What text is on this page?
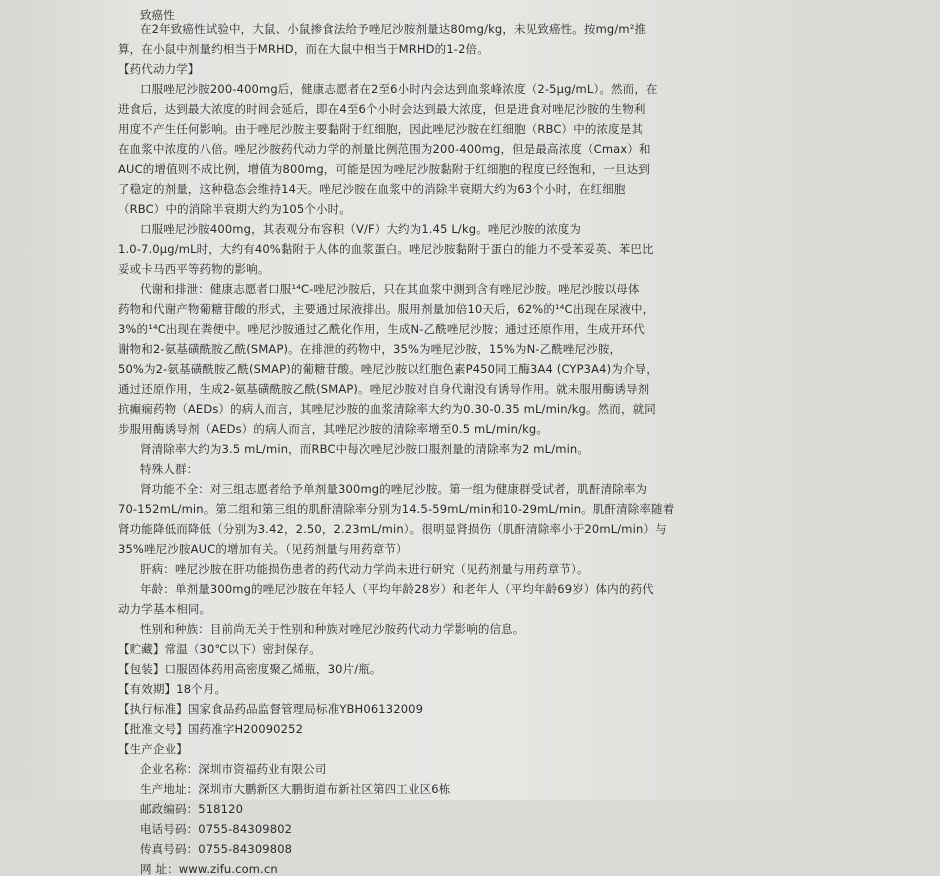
致癌性
在2年致癌性试验中，大鼠、小鼠掺食法给予唑尼沙胺剂量达80mg/kg，未见致癌性。按mg/m²推
算，在小鼠中剂量约相当于MRHD，而在大鼠中相当于MRHD的1-2倍。
【药代动力学】
口服唑尼沙胺200-400mg后，健康志愿者在2至6小时内会达到血浆峰浓度（2-5μg/mL）。然而，在
进食后，达到最大浓度的时间会延后，即在4至6个小时会达到最大浓度，但是进食对唑尼沙胺的生物利
用度不产生任何影响。由于唑尼沙胺主要黏附于红细胞，因此唑尼沙胺在红细胞（RBC）中的浓度是其
在血浆中浓度的八倍。唑尼沙胺药代动力学的剂量比例范围为200-400mg，但是最高浓度（Cmax）和
AUC的增值则不成比例，增值为800mg，可能是因为唑尼沙胺黏附于红细胞的程度已经饱和，一旦达到
了稳定的剂量，这种稳态会维持14天。唑尼沙胺在血浆中的消除半衰期大约为63个小时，在红细胞
（RBC）中的消除半衰期大约为105个小时。
口服唑尼沙胺400mg，其表观分布容积（V/F）大约为1.45 L/kg。唑尼沙胺的浓度为
1.0-7.0μg/mL时，大约有40%黏附于人体的血浆蛋白。唑尼沙胺黏附于蛋白的能力不受苯妥英、苯巴比
妥或卡马西平等药物的影响。
代谢和排泄：健康志愿者口服¹⁴C-唑尼沙胺后，只在其血浆中测到含有唑尼沙胺。唑尼沙胺以母体
药物和代谢产物葡糖苷酸的形式，主要通过尿液排出。服用剂量加倍10天后，62%的¹⁴C出现在尿液中，
3%的¹⁴C出现在粪便中。唑尼沙胺通过乙酰化作用，生成N-乙酰唑尼沙胺；通过还原作用，生成开环代
谢物和2-氨基磺酰胺乙酰(SMAP)。在排泄的药物中，35%为唑尼沙胺，15%为N-乙酰唑尼沙胺，
50%为2-氨基磺酰胺乙酰(SMAP)的葡糖苷酸。唑尼沙胺以红胞色素P450同工酶3A4 (CYP3A4)为介导，
通过还原作用，生成2-氨基磺酰胺乙酰(SMAP)。唑尼沙胺对自身代谢没有诱导作用。就未服用酶诱导剂
抗癫痫药物（AEDs）的病人而言，其唑尼沙胺的血浆清除率大约为0.30-0.35 mL/min/kg。然而，就同
步服用酶诱导剂（AEDs）的病人而言，其唑尼沙胺的清除率增至0.5 mL/min/kg。
肾清除率大约为3.5 mL/min，而RBC中每次唑尼沙胺口服剂量的清除率为2 mL/min。
特殊人群：
肾功能不全：对三组志愿者给予单剂量300mg的唑尼沙胺。第一组为健康群受试者，肌酐清除率为
70-152mL/min。第二组和第三组的肌酐清除率分别为14.5-59mL/min和10-29mL/min。肌酐清除率随着
肾功能降低而降低（分别为3.42，2.50，2.23mL/min）。很明显肾损伤（肌酐清除率小于20mL/min）与
35%唑尼沙胺AUC的增加有关。（见药剂量与用药章节）
肝病：唑尼沙胺在肝功能损伤患者的药代动力学尚未进行研究（见药剂量与用药章节）。
年龄：单剂量300mg的唑尼沙胺在年轻人（平均年龄28岁）和老年人（平均年龄69岁）体内的药代
动力学基本相同。
性别和种族：目前尚无关于性别和种族对唑尼沙胺药代动力学影响的信息。
【贮藏】常温（30℃以下）密封保存。
【包装】口服固体药用高密度聚乙烯瓶，30片/瓶。
【有效期】18个月。
【执行标准】国家食品药品监督管理局标准YBH06132009
【批准文号】国药准字H20090252
【生产企业】
企业名称：深圳市资福药业有限公司
生产地址：深圳市大鹏新区大鹏街道布新社区第四工业区6栋
邮政编码：518120
电话号码：0755-84309802
传真号码：0755-84309808
网 址：www.zifu.com.cn
